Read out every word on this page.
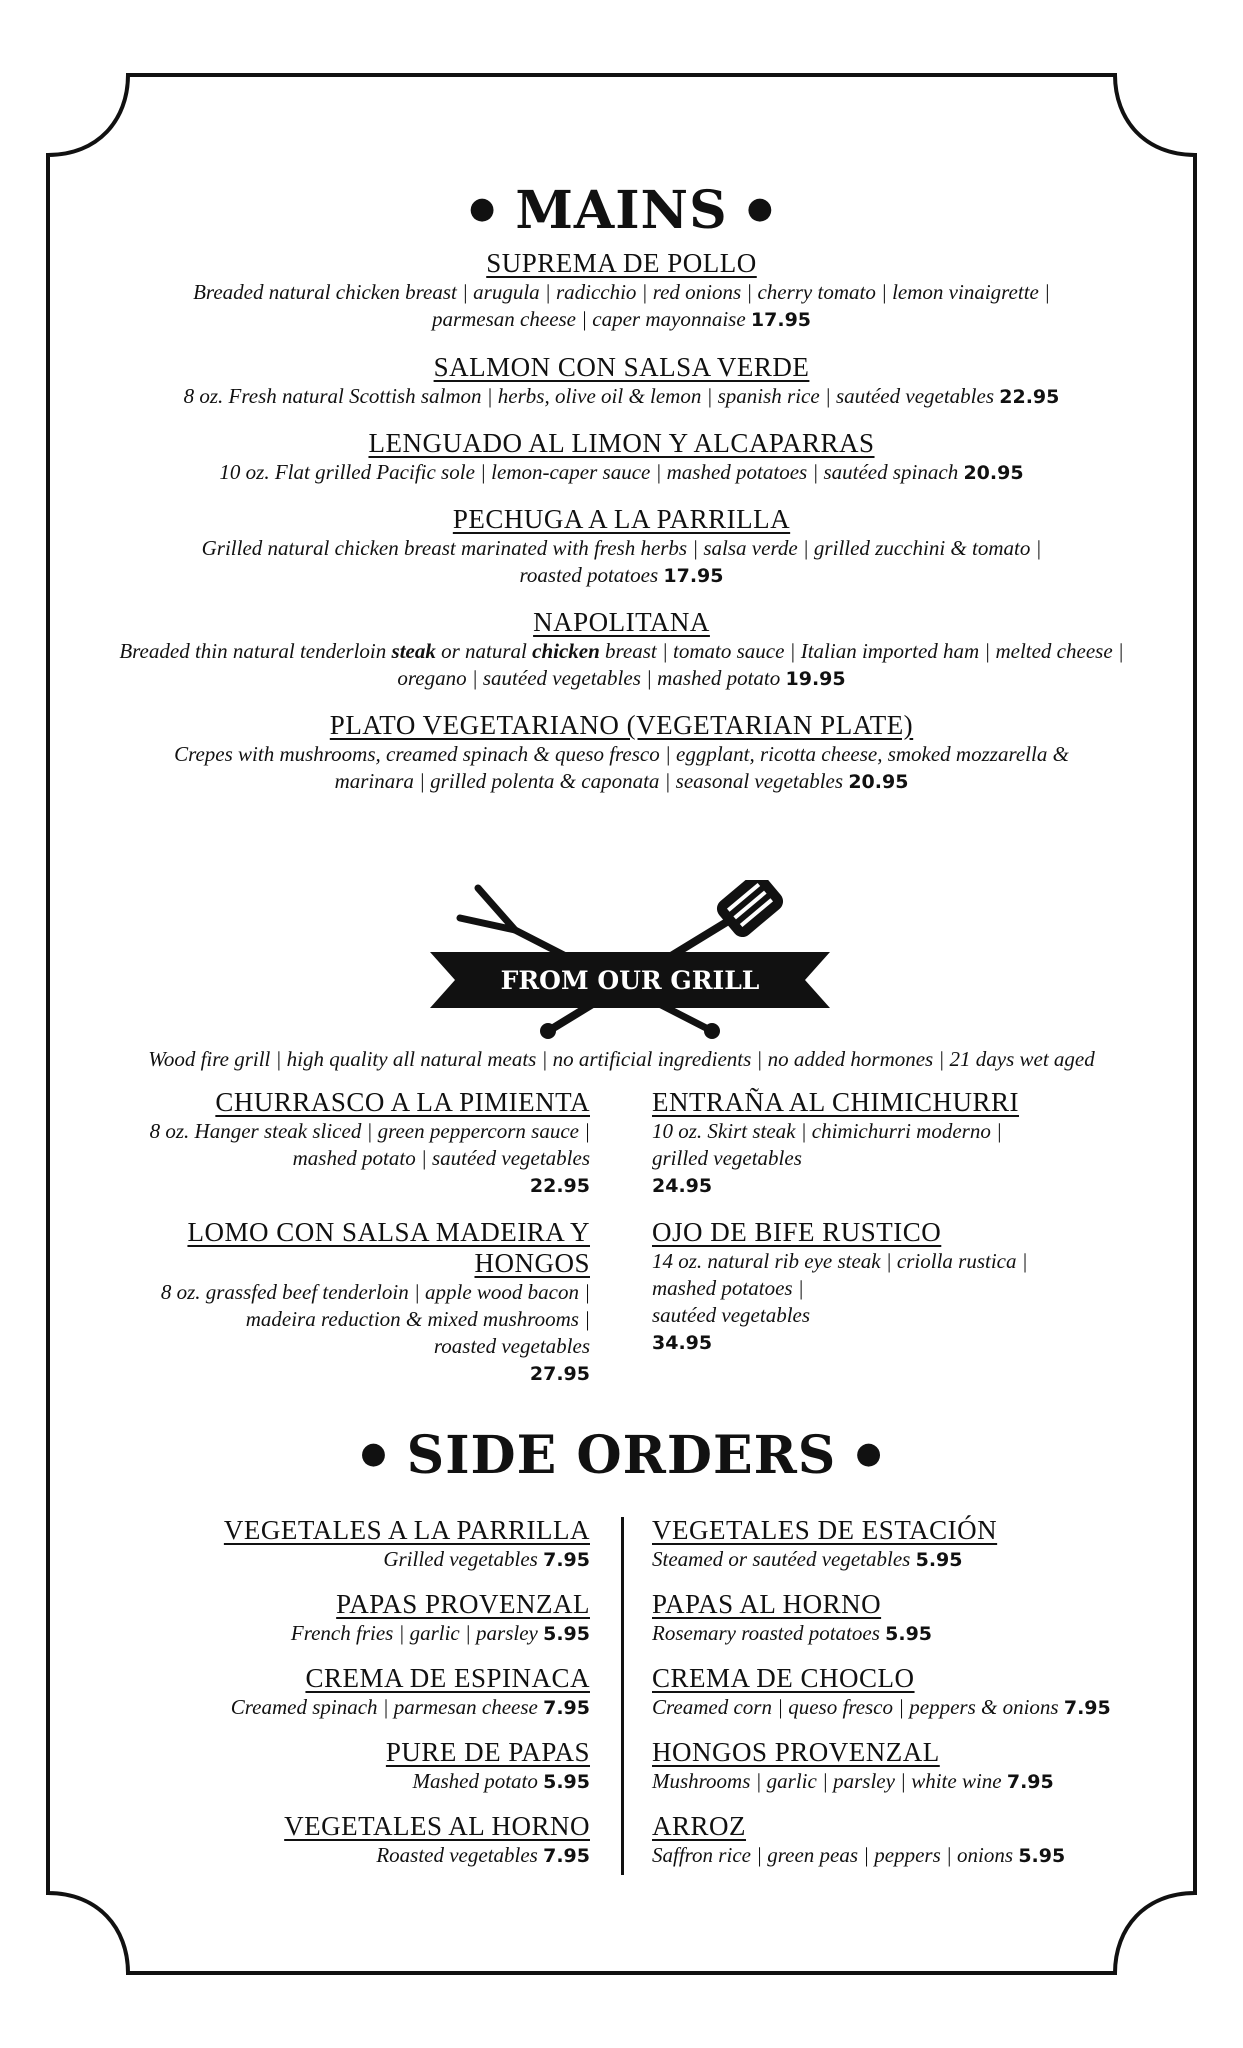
● MAINS ●
SUPREMA DE POLLO
Breaded natural chicken breast | arugula | radicchio | red onions | cherry tomato | lemon vinaigrette |
parmesan cheese | caper mayonnaise 17.95
SALMON CON SALSA VERDE
8 oz. Fresh natural Scottish salmon | herbs, olive oil & lemon | spanish rice | sautéed vegetables 22.95
LENGUADO AL LIMON Y ALCAPARRAS
10 oz. Flat grilled Pacific sole | lemon-caper sauce | mashed potatoes | sautéed spinach 20.95
PECHUGA A LA PARRILLA
Grilled natural chicken breast marinated with fresh herbs | salsa verde | grilled zucchini & tomato |
roasted potatoes 17.95
NAPOLITANA
Breaded thin natural tenderloin steak or natural chicken breast | tomato sauce | Italian imported ham | melted cheese |
oregano | sautéed vegetables | mashed potato 19.95
PLATO VEGETARIANO (VEGETARIAN PLATE)
Crepes with mushrooms, creamed spinach & queso fresco | eggplant, ricotta cheese, smoked mozzarella &
marinara | grilled polenta & caponata | seasonal vegetables 20.95
FROM OUR GRILL
Wood fire grill | high quality all natural meats | no artificial ingredients | no added hormones | 21 days wet aged
CHURRASCO A LA PIMIENTA
8 oz. Hanger steak sliced | green peppercorn sauce |
mashed potato | sautéed vegetables
22.95
LOMO CON SALSA MADEIRA Y HONGOS
8 oz. grassfed beef tenderloin | apple wood bacon |
madeira reduction & mixed mushrooms |
roasted vegetables
27.95
ENTRAÑA AL CHIMICHURRI
10 oz. Skirt steak | chimichurri moderno |
grilled vegetables
24.95
OJO DE BIFE RUSTICO
14 oz. natural rib eye steak | criolla rustica |
mashed potatoes |
sautéed vegetables
34.95
● SIDE ORDERS ●
VEGETALES A LA PARRILLA
Grilled vegetables 7.95
PAPAS PROVENZAL
French fries | garlic | parsley 5.95
CREMA DE ESPINACA
Creamed spinach | parmesan cheese 7.95
PURE DE PAPAS
Mashed potato 5.95
VEGETALES AL HORNO
Roasted vegetables 7.95
VEGETALES DE ESTACIÓN
Steamed or sautéed vegetables 5.95
PAPAS AL HORNO
Rosemary roasted potatoes 5.95
CREMA DE CHOCLO
Creamed corn | queso fresco | peppers & onions 7.95
HONGOS PROVENZAL
Mushrooms | garlic | parsley | white wine 7.95
ARROZ
Saffron rice | green peas | peppers | onions 5.95
